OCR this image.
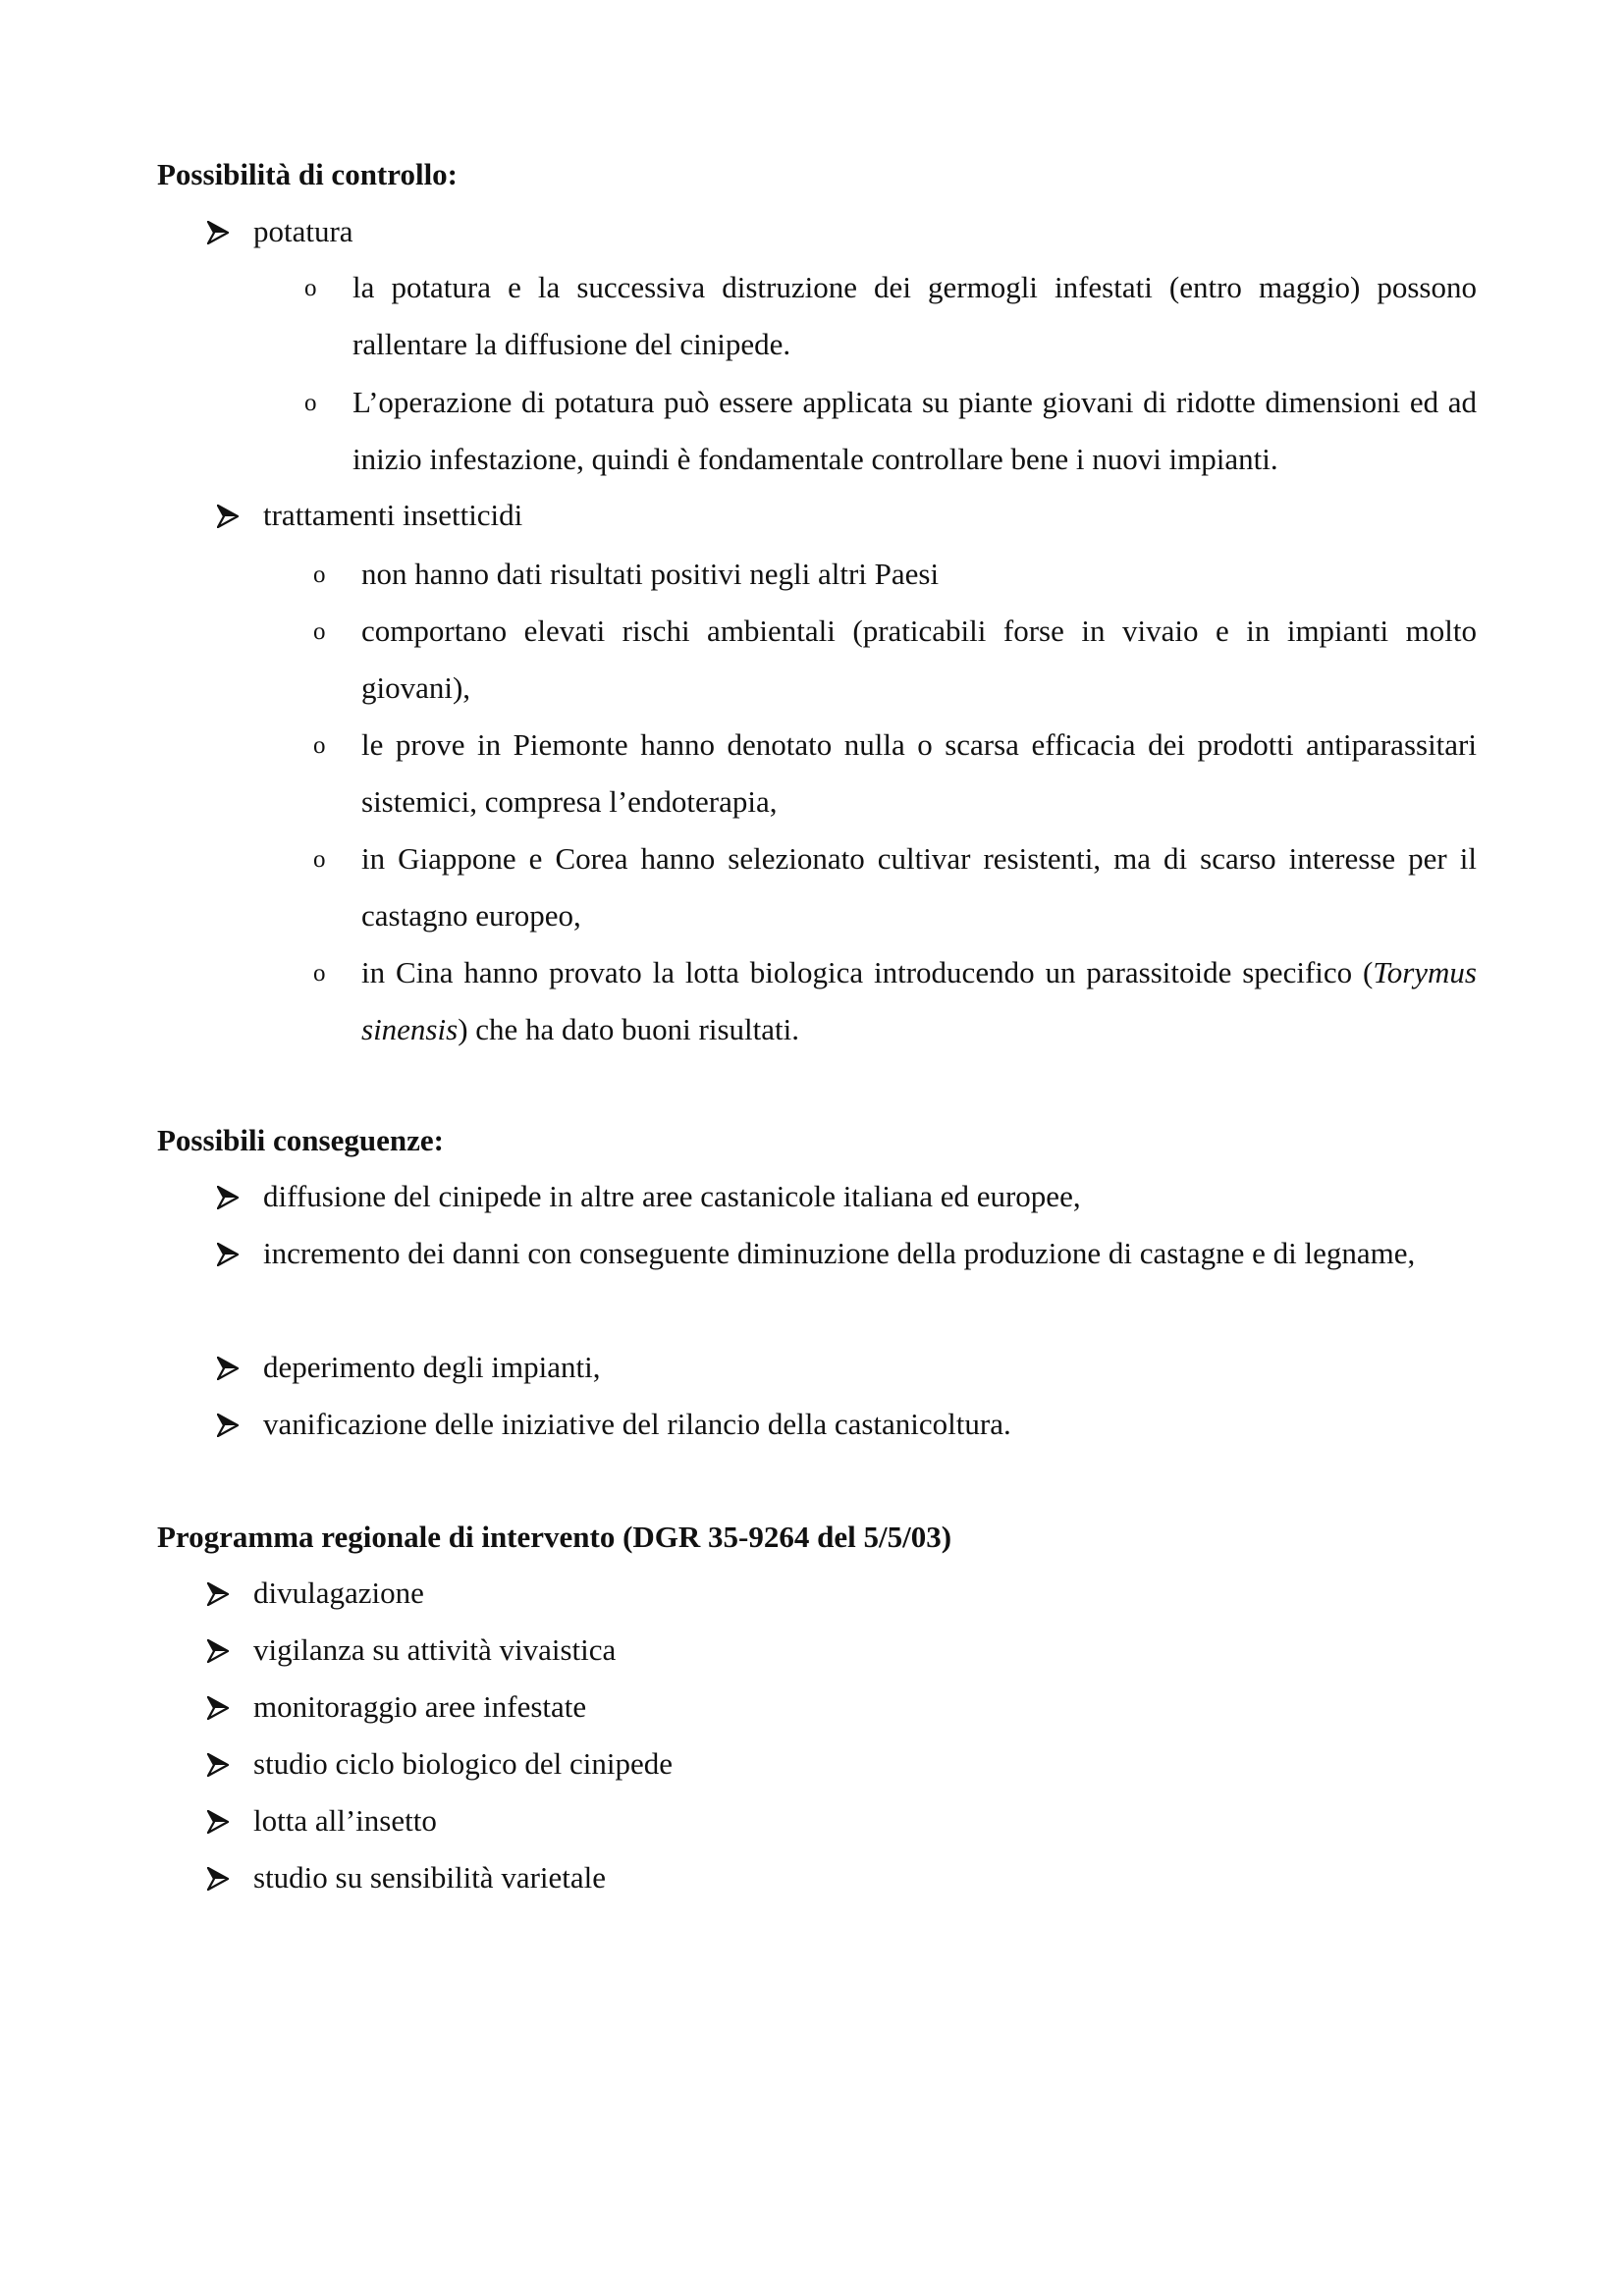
Possibilità di controllo:
potatura
o la potatura e la successiva distruzione dei germogli infestati (entro maggio) possono rallentare la diffusione del cinipede.
o L’operazione di potatura può essere applicata su piante giovani di ridotte dimensioni ed ad inizio infestazione, quindi è fondamentale controllare bene i nuovi impianti.
trattamenti insetticidi
o non hanno dati risultati positivi negli altri Paesi
o comportano elevati rischi ambientali (praticabili forse in vivaio e in impianti molto giovani),
o le prove in Piemonte hanno denotato nulla o scarsa efficacia dei prodotti antiparassitari sistemici, compresa l’endoterapia,
o in Giappone e Corea hanno selezionato cultivar resistenti, ma di scarso interesse per il castagno europeo,
o in Cina hanno provato la lotta biologica introducendo un parassitoide specifico (Torymus sinensis) che ha dato buoni risultati.
Possibili conseguenze:
diffusione del cinipede in altre aree castanicole italiana ed europee,
incremento dei danni con conseguente diminuzione della produzione di castagne e di legname,
deperimento degli impianti,
vanificazione delle iniziative del rilancio della castanicoltura.
Programma regionale di intervento (DGR 35-9264 del 5/5/03)
divulagazione
vigilanza su attività vivaistica
monitoraggio aree infestate
studio ciclo biologico del cinipede
lotta all’insetto
studio su sensibilità varietale
